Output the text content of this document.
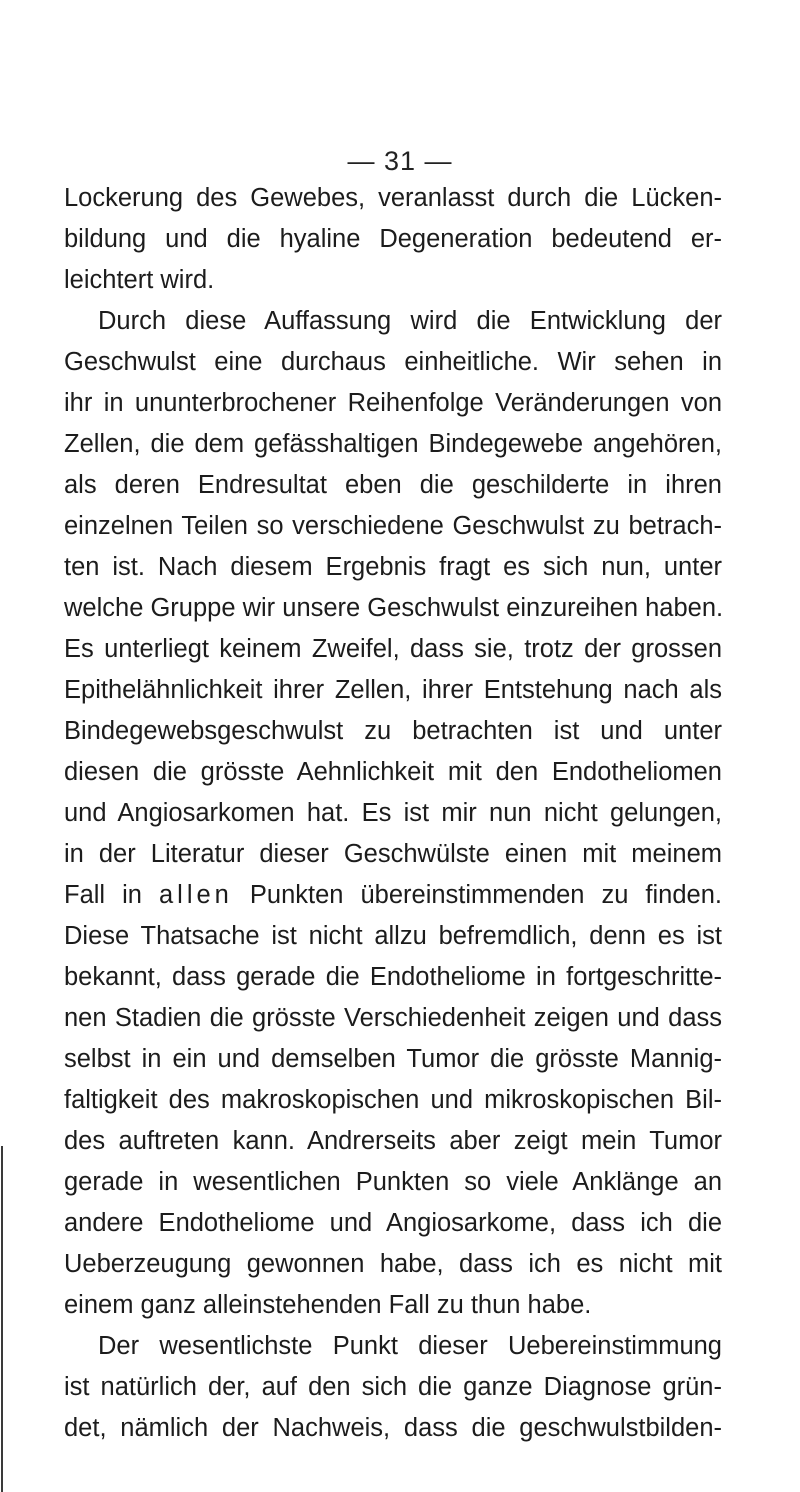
— 31 —
Lockerung des Gewebes, veranlasst durch die Lücken-
bildung und die hyaline Degeneration bedeutend er-
leichtert wird.
Durch diese Auffassung wird die Entwicklung der
Geschwulst eine durchaus einheitliche. Wir sehen in
ihr in ununterbrochener Reihenfolge Veränderungen von
Zellen, die dem gefässhaltigen Bindegewebe angehören,
als deren Endresultat eben die geschilderte in ihren
einzelnen Teilen so verschiedene Geschwulst zu betrach-
ten ist. Nach diesem Ergebnis fragt es sich nun, unter
welche Gruppe wir unsere Geschwulst einzureihen haben.
Es unterliegt keinem Zweifel, dass sie, trotz der grossen
Epithelähnlichkeit ihrer Zellen, ihrer Entstehung nach als
Bindegewebsgeschwulst zu betrachten ist und unter
diesen die grösste Aehnlichkeit mit den Endotheliomen
und Angiosarkomen hat. Es ist mir nun nicht gelungen,
in der Literatur dieser Geschwülste einen mit meinem
Fall in allen Punkten übereinstimmenden zu finden.
Diese Thatsache ist nicht allzu befremdlich, denn es ist
bekannt, dass gerade die Endotheliome in fortgeschritte-
nen Stadien die grösste Verschiedenheit zeigen und dass
selbst in ein und demselben Tumor die grösste Mannig-
faltigkeit des makroskopischen und mikroskopischen Bil-
des auftreten kann. Andrerseits aber zeigt mein Tumor
gerade in wesentlichen Punkten so viele Anklänge an
andere Endotheliome und Angiosarkome, dass ich die
Ueberzeugung gewonnen habe, dass ich es nicht mit
einem ganz alleinstehenden Fall zu thun habe.
Der wesentlichste Punkt dieser Uebereinstimmung
ist natürlich der, auf den sich die ganze Diagnose grün-
det, nämlich der Nachweis, dass die geschwulstbilden-
